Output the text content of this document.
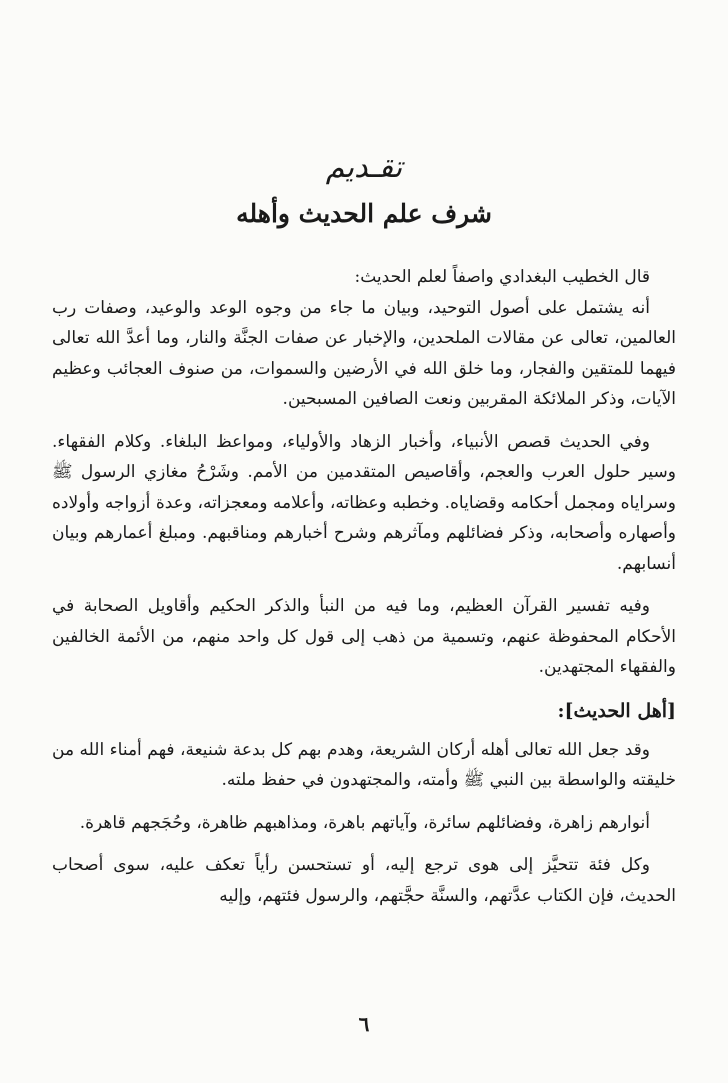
تقـديم
شرف علم الحديث وأهله

قال الخطيب البغدادي واصفاً لعلم الحديث:

أنه يشتمل على أصول التوحيد، وبيان ما جاء من وجوه الوعد والوعيد، وصفات رب العالمين، تعالى عن مقالات الملحدين، والإخبار عن صفات الجنَّة والنار، وما أعدَّ الله تعالى فيهما للمتقين والفجار، وما خلق الله في الأرضين والسموات، من صنوف العجائب وعظيم الآيات، وذكر الملائكة المقربين ونعت الصافين المسبحين.

وفي الحديث قصص الأنبياء، وأخبار الزهاد والأولياء، ومواعظ البلغاء. وكلام الفقهاء. وسير حلول العرب والعجم، وأقاصيص المتقدمين من الأمم. وشَرْحُ مغازي الرسول ﷺ وسراياه ومجمل أحكامه وقضاياه. وخطبه وعظاته، وأعلامه ومعجزاته، وعدة أزواجه وأولاده وأصهاره وأصحابه، وذكر فضائلهم ومآثرهم وشرح أخبارهم ومناقبهم. ومبلغ أعمارهم وبيان أنسابهم.

وفيه تفسير القرآن العظيم، وما فيه من النبأ والذكر الحكيم وأقاويل الصحابة في الأحكام المحفوظة عنهم، وتسمية من ذهب إلى قول كل واحد منهم، من الأئمة الخالفين والفقهاء المجتهدين.

[أهل الحديث]:

وقد جعل الله تعالى أهله أركان الشريعة، وهدم بهم كل بدعة شنيعة، فهم أمناء الله من خليقته والواسطة بين النبي ﷺ وأمته، والمجتهدون في حفظ ملته.

أنوارهم زاهرة، وفضائلهم سائرة، وآياتهم باهرة، ومذاهبهم ظاهرة، وحُجَجهم قاهرة.

وكل فئة تتحيَّز إلى هوى ترجع إليه، أو تستحسن رأياً تعكف عليه، سوى أصحاب الحديث، فإن الكتاب عدَّتهم، والسنَّة حجَّتهم، والرسول فئتهم، وإليه

٦
